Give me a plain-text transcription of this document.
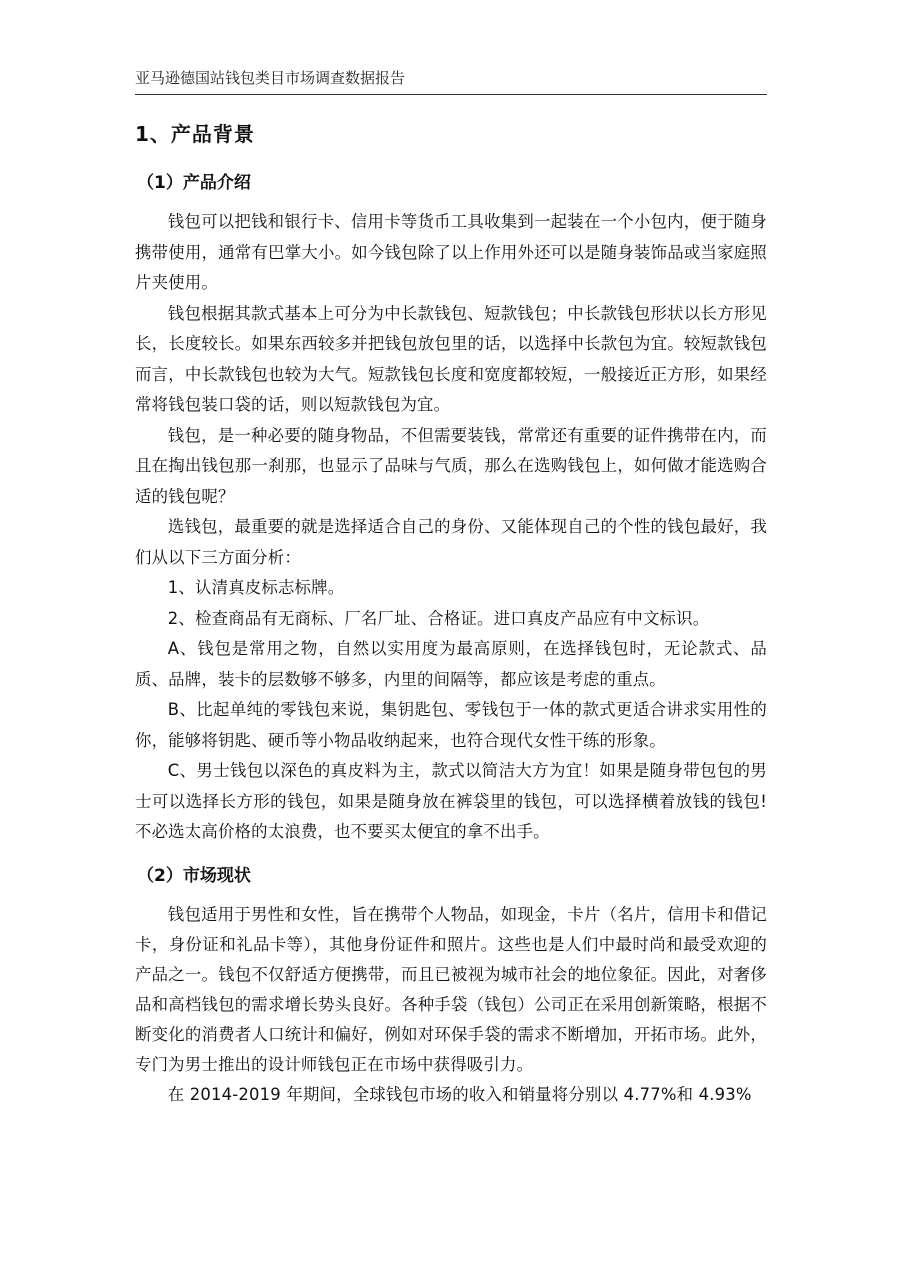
亚马逊德国站钱包类目市场调查数据报告
1、产品背景
（1）产品介绍

钱包可以把钱和银行卡、信用卡等货币工具收集到一起装在一个小包内，便于随身携带使用，通常有巴掌大小。如今钱包除了以上作用外还可以是随身装饰品或当家庭照片夹使用。

钱包根据其款式基本上可分为中长款钱包、短款钱包；中长款钱包形状以长方形见长，长度较长。如果东西较多并把钱包放包里的话，以选择中长款包为宜。较短款钱包而言，中长款钱包也较为大气。短款钱包长度和宽度都较短，一般接近正方形，如果经常将钱包装口袋的话，则以短款钱包为宜。

钱包，是一种必要的随身物品，不但需要装钱，常常还有重要的证件携带在内，而且在掏出钱包那一刹那，也显示了品味与气质，那么在选购钱包上，如何做才能选购合适的钱包呢？

选钱包，最重要的就是选择适合自己的身份、又能体现自己的个性的钱包最好，我们从以下三方面分析：

1、认清真皮标志标牌。

2、检查商品有无商标、厂名厂址、合格证。进口真皮产品应有中文标识。

A、钱包是常用之物，自然以实用度为最高原则，在选择钱包时，无论款式、品质、品牌，装卡的层数够不够多，内里的间隔等，都应该是考虑的重点。

B、比起单纯的零钱包来说，集钥匙包、零钱包于一体的款式更适合讲求实用性的你，能够将钥匙、硬币等小物品收纳起来，也符合现代女性干练的形象。

C、男士钱包以深色的真皮料为主，款式以简洁大方为宜！如果是随身带包包的男士可以选择长方形的钱包，如果是随身放在裤袋里的钱包，可以选择横着放钱的钱包!不必选太高价格的太浪费，也不要买太便宜的拿不出手。

（2）市场现状

钱包适用于男性和女性，旨在携带个人物品，如现金，卡片（名片，信用卡和借记卡，身份证和礼品卡等），其他身份证件和照片。这些也是人们中最时尚和最受欢迎的产品之一。钱包不仅舒适方便携带，而且已被视为城市社会的地位象征。因此，对奢侈品和高档钱包的需求增长势头良好。各种手袋（钱包）公司正在采用创新策略，根据不断变化的消费者人口统计和偏好，例如对环保手袋的需求不断增加，开拓市场。此外，专门为男士推出的设计师钱包正在市场中获得吸引力。

在 2014-2019 年期间，全球钱包市场的收入和销量将分别以 4.77%和 4.93%
